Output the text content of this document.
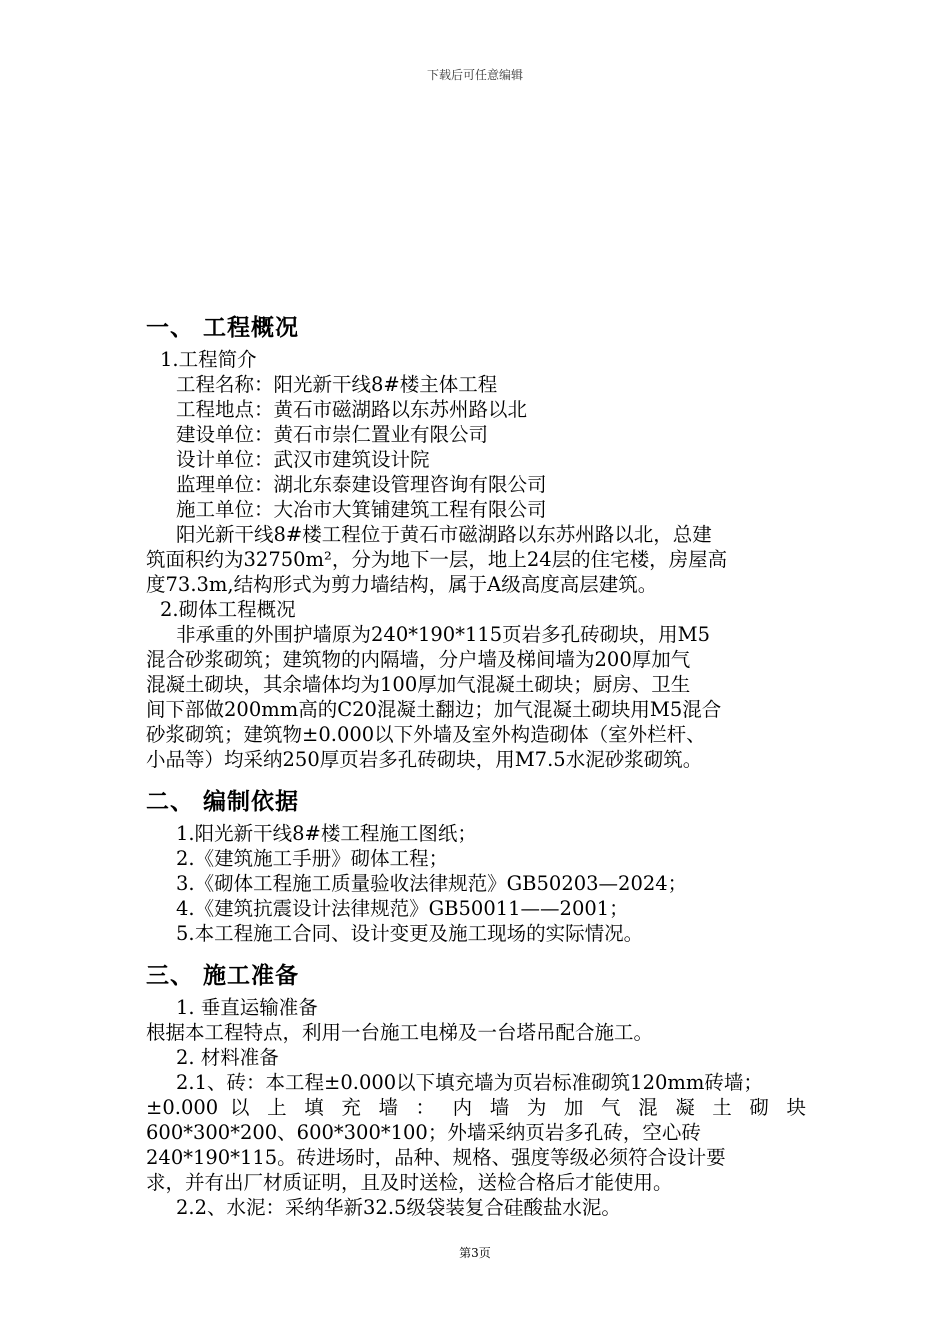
下载后可任意编辑
一、 工程概况
1.工程简介
工程名称：阳光新干线8#楼主体工程
工程地点：黄石市磁湖路以东苏州路以北
建设单位：黄石市崇仁置业有限公司
设计单位：武汉市建筑设计院
监理单位：湖北东泰建设管理咨询有限公司
施工单位：大冶市大箕铺建筑工程有限公司
阳光新干线8#楼工程位于黄石市磁湖路以东苏州路以北，总建
筑面积约为32750m²，分为地下一层，地上24层的住宅楼，房屋高
度73.3m,结构形式为剪力墙结构，属于A级高度高层建筑。
2.砌体工程概况
非承重的外围护墙原为240*190*115页岩多孔砖砌块，用M5
混合砂浆砌筑；建筑物的内隔墙，分户墙及梯间墙为200厚加气
混凝土砌块，其余墙体均为100厚加气混凝土砌块；厨房、卫生
间下部做200mm高的C20混凝土翻边；加气混凝土砌块用M5混合
砂浆砌筑；建筑物±0.000以下外墙及室外构造砌体（室外栏杆、
小品等）均采纳250厚页岩多孔砖砌块，用M7.5水泥砂浆砌筑。
二、 编制依据
1.阳光新干线8#楼工程施工图纸；
2.《建筑施工手册》砌体工程；
3.《砌体工程施工质量验收法律规范》GB50203—2024；
4.《建筑抗震设计法律规范》GB50011——2001；
5.本工程施工合同、设计变更及施工现场的实际情况。
三、 施工准备
1. 垂直运输准备
根据本工程特点，利用一台施工电梯及一台塔吊配合施工。
2. 材料准备
2.1、砖：本工程±0.000以下填充墙为页岩标准砌筑120mm砖墙；
±0.000 以 上 填 充 墙 ： 内 墙 为 加 气 混 凝 土 砌 块
600*300*200、600*300*100；外墙采纳页岩多孔砖，空心砖
240*190*115。砖进场时，品种、规格、强度等级必须符合设计要
求，并有出厂材质证明，且及时送检，送检合格后才能使用。
2.2、水泥：采纳华新32.5级袋装复合硅酸盐水泥。
第3页
